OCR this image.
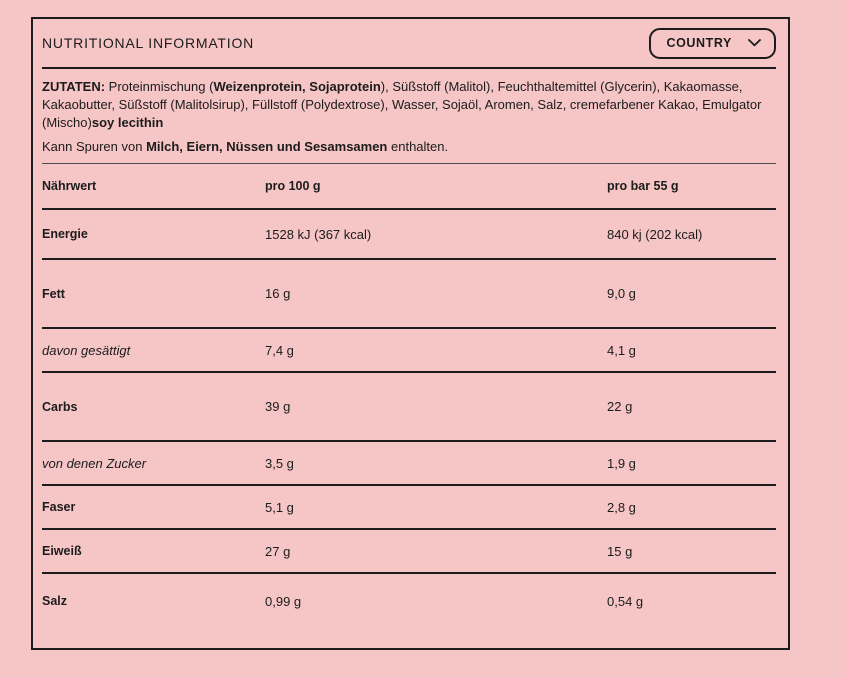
NUTRITIONAL INFORMATION	COUNTRY

ZUTATEN: Proteinmischung (Weizenprotein, Sojaprotein), Süßstoff (Malitol), Feuchthaltemittel (Glycerin), Kakaomasse, Kakaobutter, Süßstoff (Malitolsirup), Füllstoff (Polydextrose), Wasser, Sojaöl, Aromen, Salz, cremefarbener Kakao, Emulgator (Mischo)soy lecithin

Kann Spuren von Milch, Eiern, Nüssen und Sesamsamen enthalten.

Nährwert	pro 100 g	pro bar 55 g
Energie	1528 kJ (367 kcal)	840 kj (202 kcal)
Fett	16 g	9,0 g
davon gesättigt	7,4 g	4,1 g
Carbs	39 g	22 g
von denen Zucker	3,5 g	1,9 g
Faser	5,1 g	2,8 g
Eiweiß	27 g	15 g
Salz	0,99 g	0,54 g
